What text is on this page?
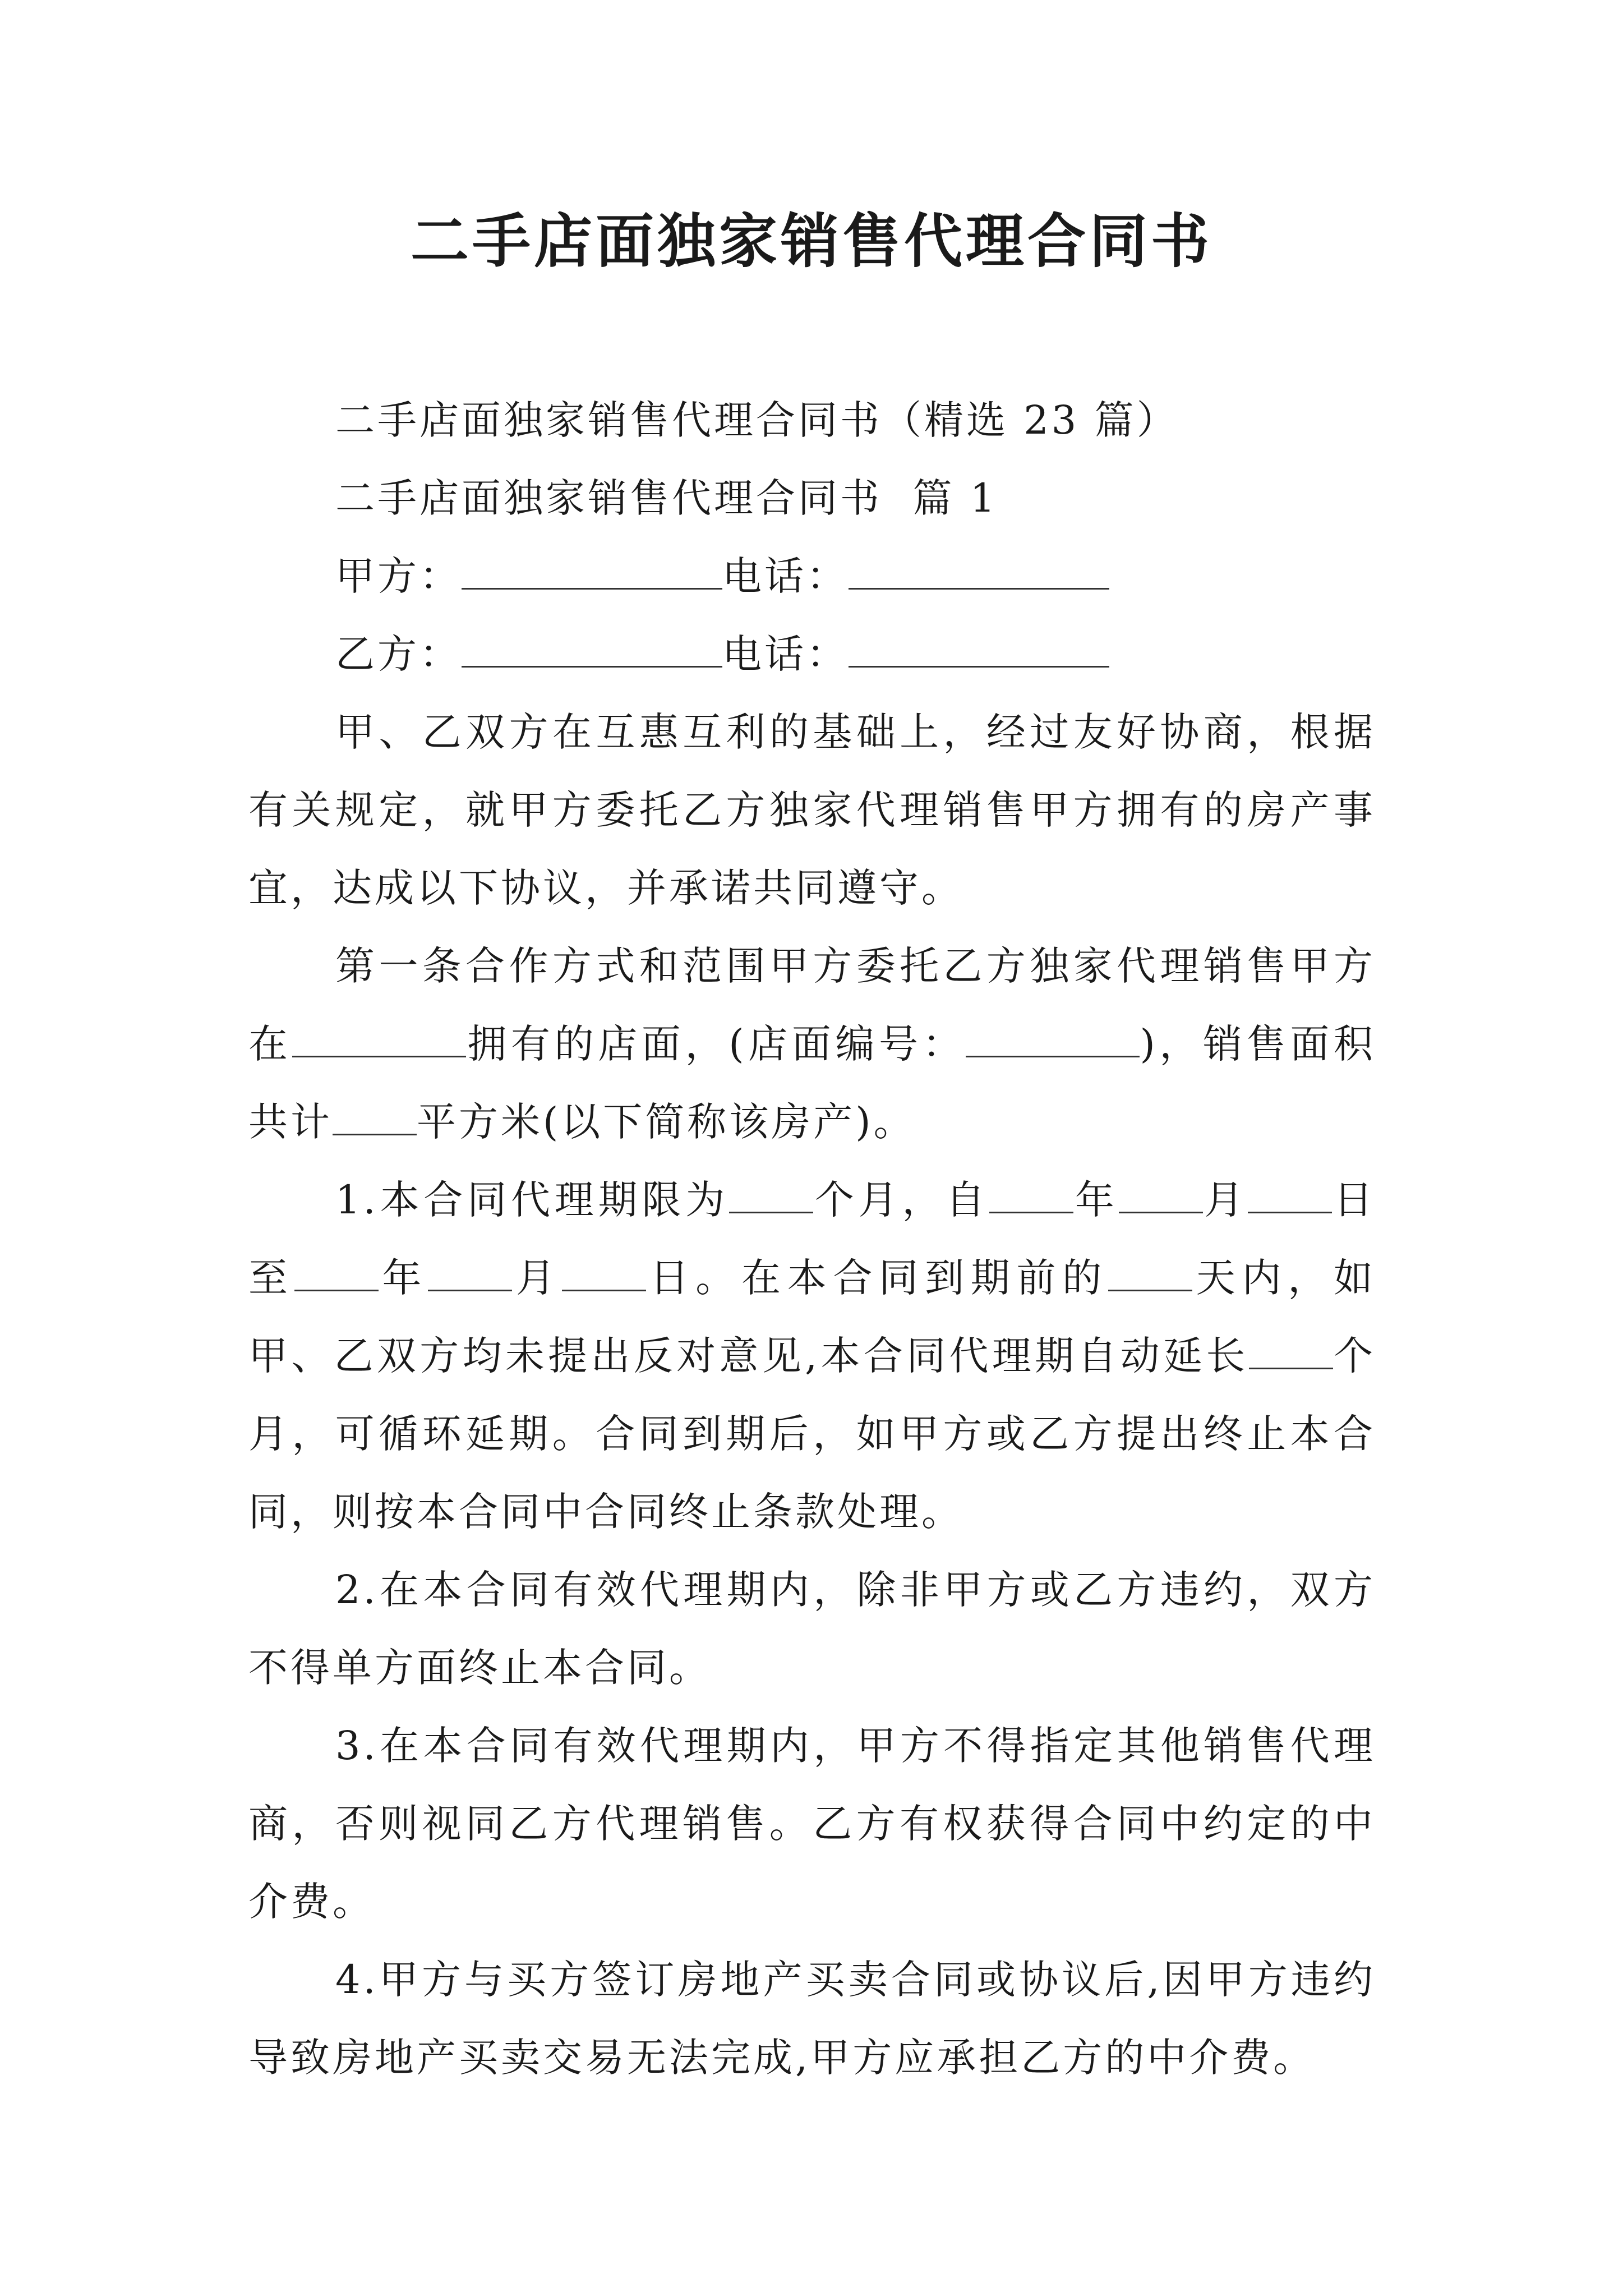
二手店面独家销售代理合同书

二手店面独家销售代理合同书（精选 23 篇）

二手店面独家销售代理合同书  篇 1

甲方：	电话：

乙方：	电话：

甲、乙双方在互惠互利的基础上，经过友好协商，根据有关规定，就甲方委托乙方独家代理销售甲方拥有的房产事宜，达成以下协议，并承诺共同遵守。

第一条合作方式和范围甲方委托乙方独家代理销售甲方在	拥有的店面，(店面编号：	)，销售面积共计 平方米(以下简称该房产)。

1.本合同代理期限为 个月，自 年 月 日至 年 月 日。在本合同到期前的 天内，如甲、乙双方均未提出反对意见,本合同代理期自动延长 个月，可循环延期。合同到期后，如甲方或乙方提出终止本合同，则按本合同中合同终止条款处理。

2.在本合同有效代理期内，除非甲方或乙方违约，双方不得单方面终止本合同。

3.在本合同有效代理期内，甲方不得指定其他销售代理商，否则视同乙方代理销售。乙方有权获得合同中约定的中介费。

4.甲方与买方签订房地产买卖合同或协议后,因甲方违约导致房地产买卖交易无法完成,甲方应承担乙方的中介费。
